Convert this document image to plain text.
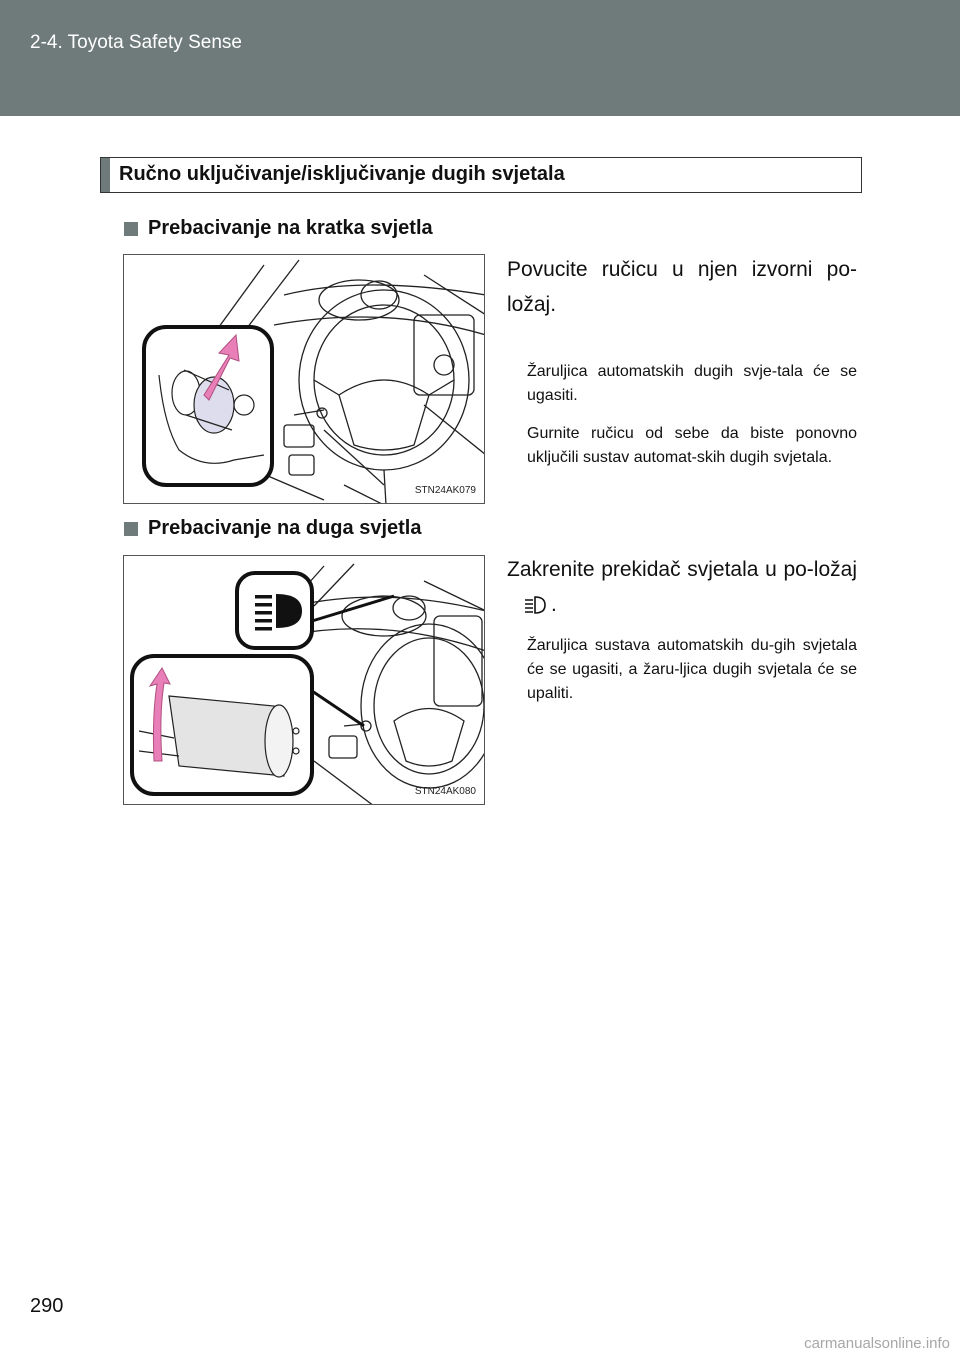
2-4. Toyota Safety Sense
Ručno uključivanje/isključivanje dugih svjetala
Prebacivanje na kratka svjetla
STN24AK079
Povucite ručicu u njen izvorni po-ložaj.
Žaruljica automatskih dugih svje-tala će se ugasiti.
Gurnite ručicu od sebe da biste ponovno uključili sustav automat-skih dugih svjetala.
Prebacivanje na duga svjetla
STN24AK080
Zakrenite prekidač svjetala u po-ložaj.
Žaruljica sustava automatskih du-gih svjetala će se ugasiti, a žaru-ljica dugih svjetala će se upaliti.
290
carmanualsonline.info
